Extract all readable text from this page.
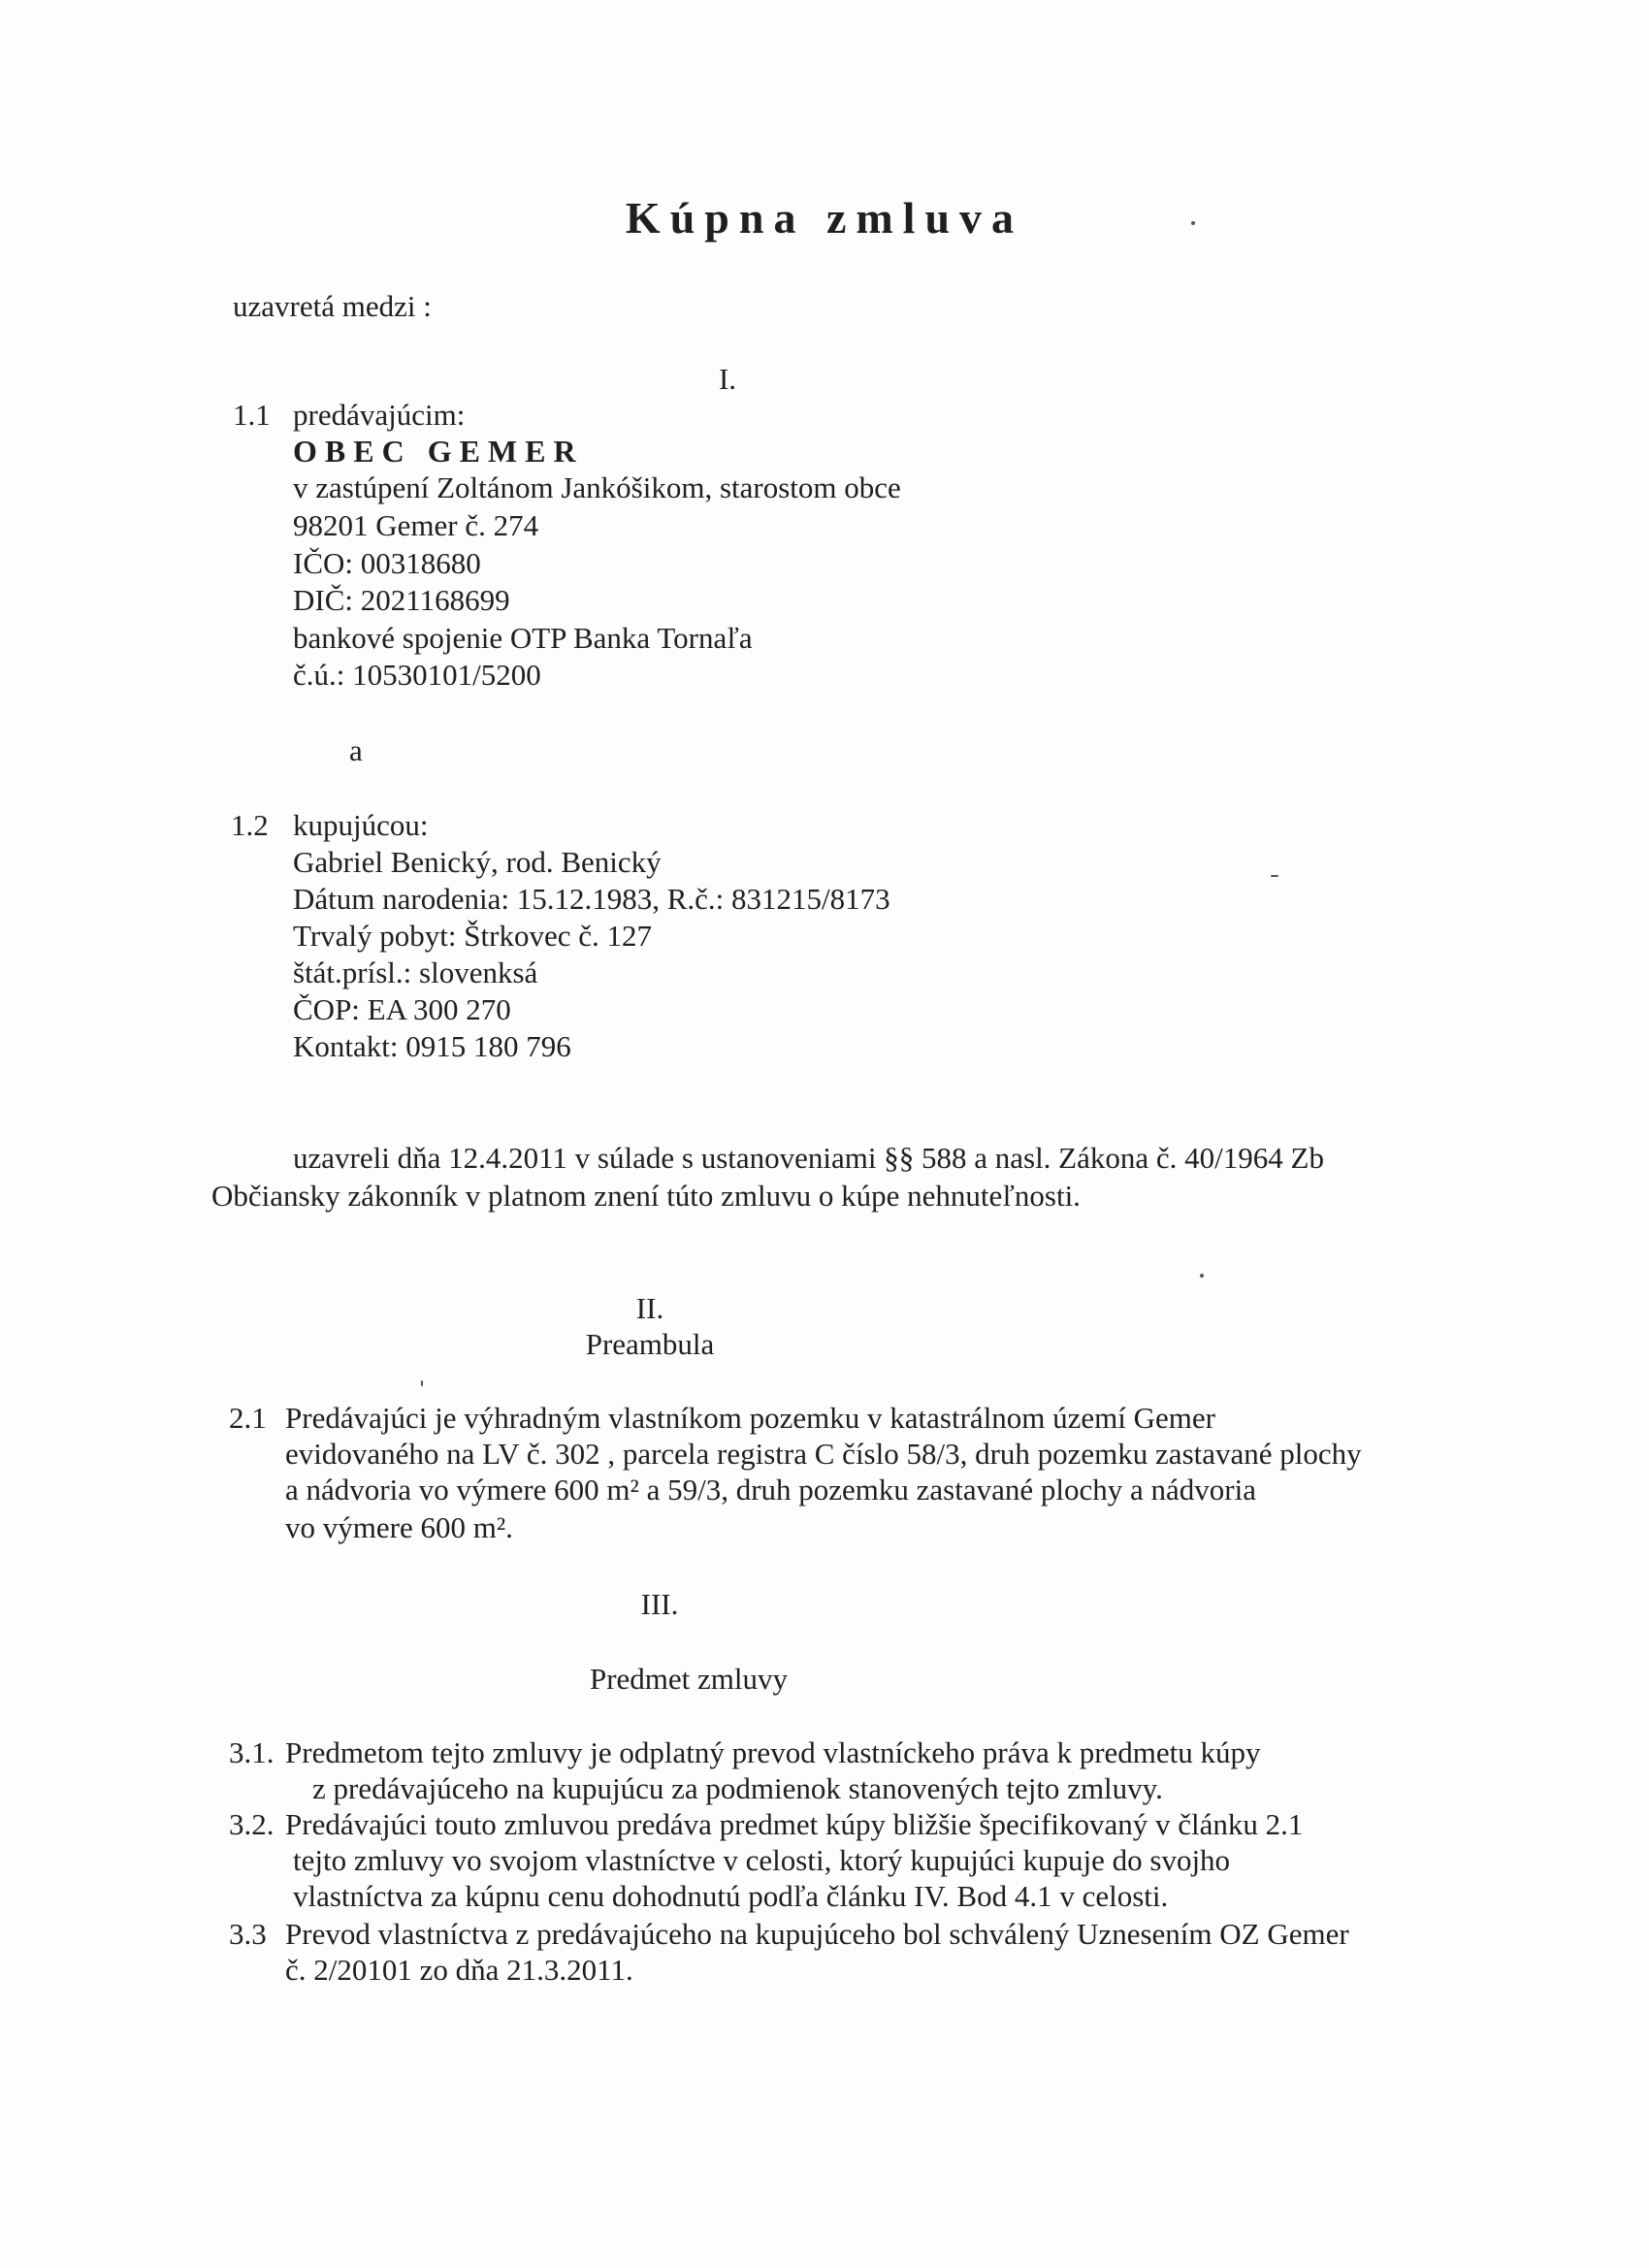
Kúpna zmluva
uzavretá medzi :
I.
1.1 predávajúcim:
OBEC GEMER
v zastúpení Zoltánom Jankóšikom, starostom obce
98201 Gemer č. 274
IČO: 00318680
DIČ: 2021168699
bankové spojenie OTP Banka Tornaľa
č.ú.: 10530101/5200
a
1.2 kupujúcou:
Gabriel Benický, rod. Benický
Dátum narodenia: 15.12.1983, R.č.: 831215/8173
Trvalý pobyt: Štrkovec č. 127
štát.prísl.: slovenksá
ČOP: EA 300 270
Kontakt: 0915 180 796
uzavreli dňa 12.4.2011 v súlade s ustanoveniami §§ 588 a nasl. Zákona č. 40/1964 Zb
Občiansky zákonník v platnom znení túto zmluvu o kúpe nehnuteľnosti.
II.
Preambula
2.1 Predávajúci je výhradným vlastníkom pozemku v katastrálnom území Gemer
evidovaného na LV č. 302 , parcela registra C číslo 58/3, druh pozemku zastavané plochy
a nádvoria vo výmere 600 m² a 59/3, druh pozemku zastavané plochy a nádvoria
vo výmere 600 m².
III.
Predmet zmluvy
3.1. Predmetom tejto zmluvy je odplatný prevod vlastníckeho práva k predmetu kúpy
z predávajúceho na kupujúcu za podmienok stanovených tejto zmluvy.
3.2. Predávajúci touto zmluvou predáva predmet kúpy bližšie špecifikovaný v článku 2.1
tejto zmluvy vo svojom vlastníctve v celosti, ktorý kupujúci kupuje do svojho
vlastníctva za kúpnu cenu dohodnutú podľa článku IV. Bod 4.1 v celosti.
3.3 Prevod vlastníctva z predávajúceho na kupujúceho bol schválený Uznesením OZ Gemer
č. 2/20101 zo dňa 21.3.2011.
